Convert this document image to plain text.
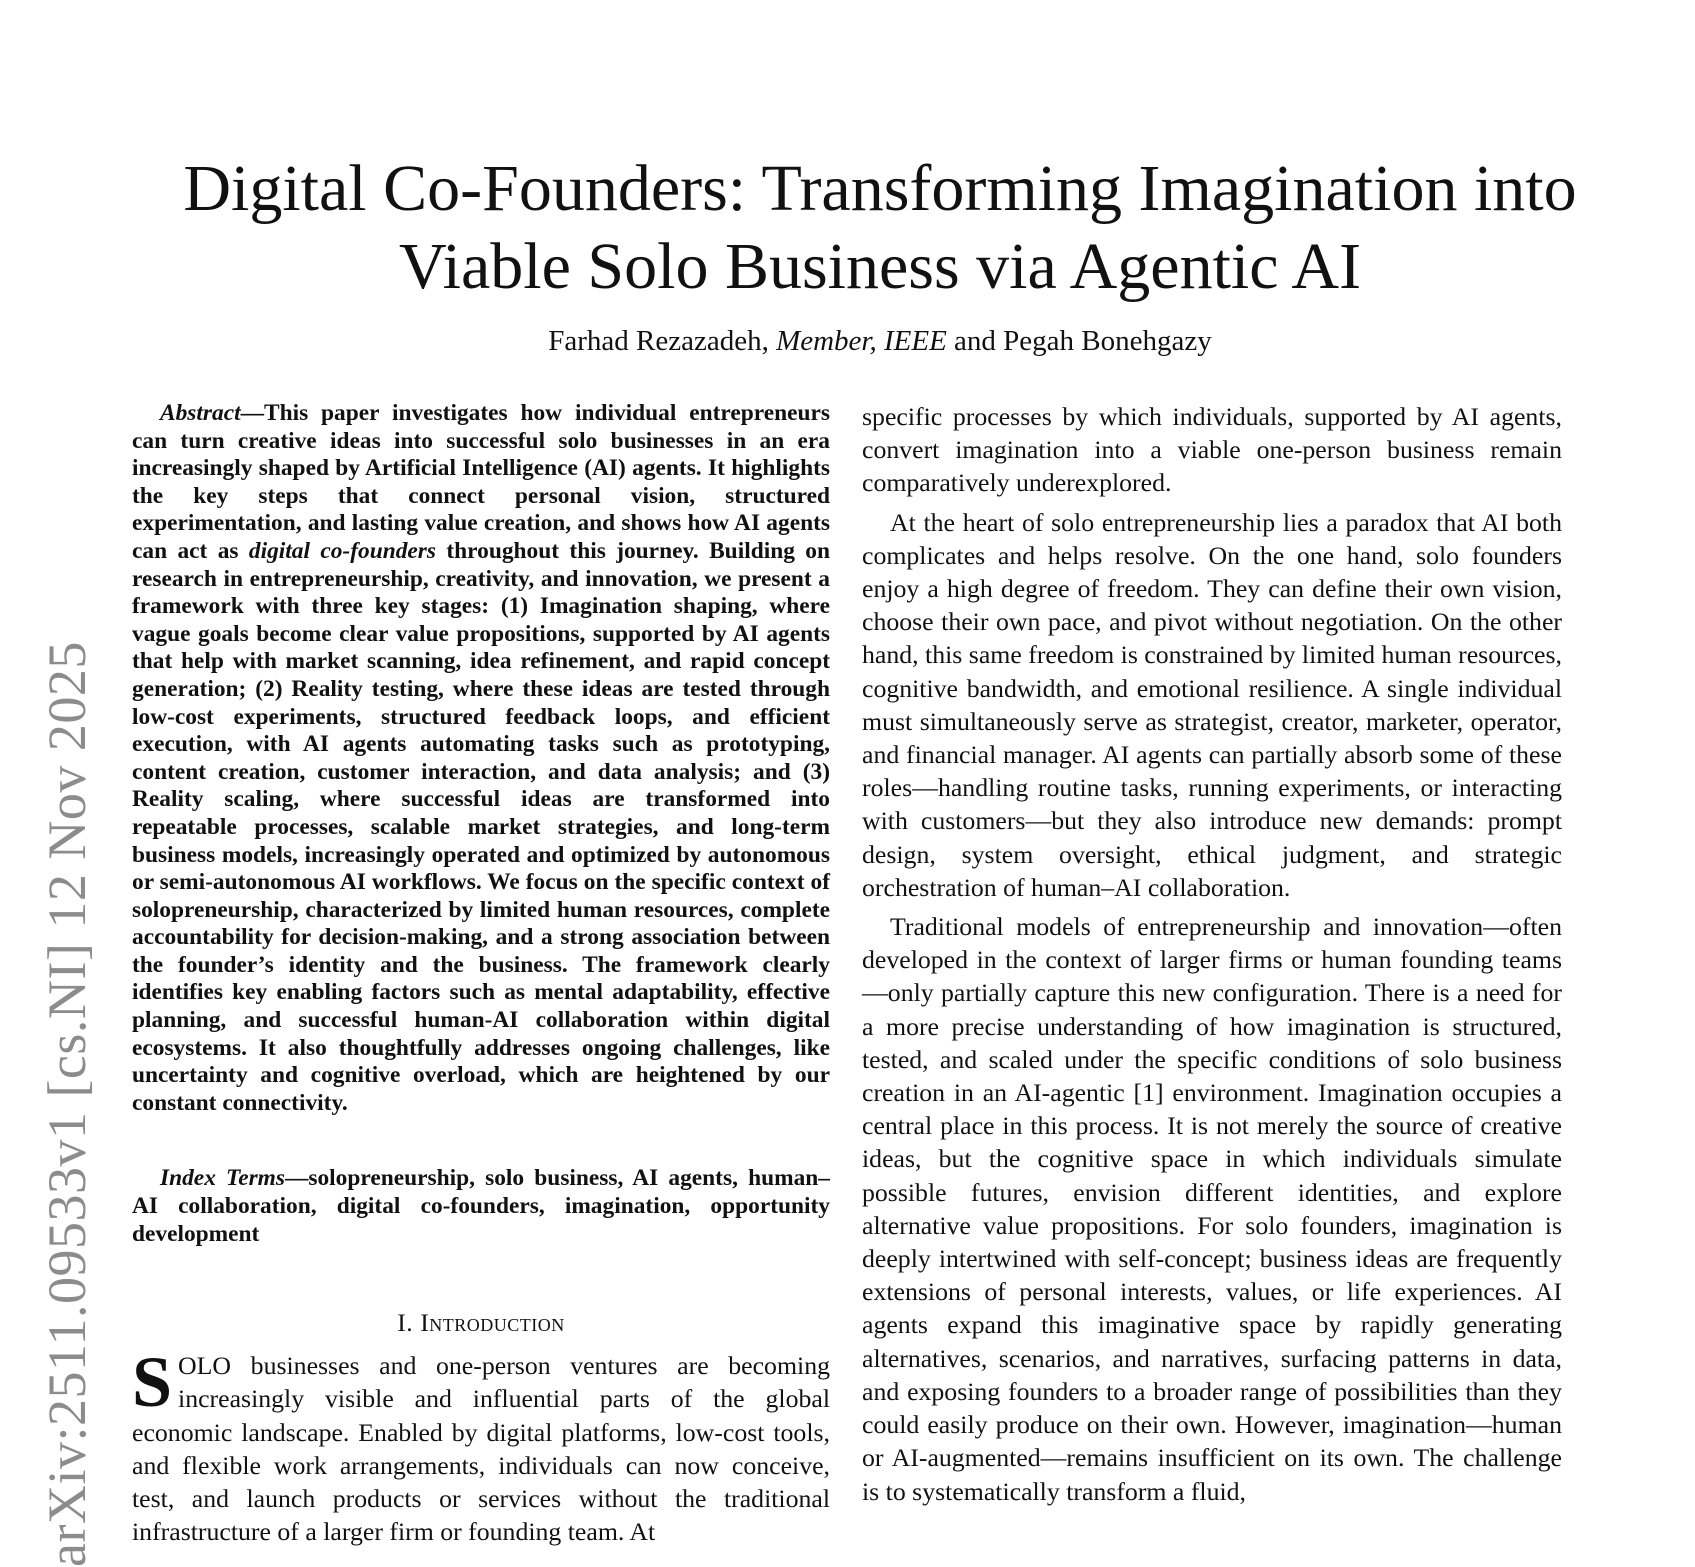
arXiv:2511.09533v1 [cs.NI] 12 Nov 2025
Digital Co-Founders: Transforming Imagination into
Viable Solo Business via Agentic AI
Farhad Rezazadeh, Member, IEEE and Pegah Bonehgazy

Abstract—This paper investigates how individual entrepreneurs can turn creative ideas into successful solo businesses in an era increasingly shaped by Artificial Intelligence (AI) agents. It highlights the key steps that connect personal vision, structured experimentation, and lasting value creation, and shows how AI agents can act as digital co-founders throughout this journey. Building on research in entrepreneurship, creativity, and innovation, we present a framework with three key stages: (1) Imagination shaping, where vague goals become clear value propositions, supported by AI agents that help with market scanning, idea refinement, and rapid concept generation; (2) Reality testing, where these ideas are tested through low-cost experiments, structured feedback loops, and efficient execution, with AI agents automating tasks such as prototyping, content creation, customer interaction, and data analysis; and (3) Reality scaling, where successful ideas are transformed into repeatable processes, scalable market strategies, and long-term business models, increasingly operated and optimized by autonomous or semi-autonomous AI workflows. We focus on the specific context of solopreneurship, characterized by limited human resources, complete accountability for decision-making, and a strong association between the founder’s identity and the business. The framework clearly identifies key enabling factors such as mental adaptability, effective planning, and successful human-AI collaboration within digital ecosystems. It also thoughtfully addresses ongoing challenges, like uncertainty and cognitive overload, which are heightened by our constant connectivity.

Index Terms—solopreneurship, solo business, AI agents, human–AI collaboration, digital co-founders, imagination, opportunity development

I. Introduction

SOLO businesses and one-person ventures are becoming increasingly visible and influential parts of the global economic landscape. Enabled by digital platforms, low-cost tools, and flexible work arrangements, individuals can now conceive, test, and launch products or services without the traditional infrastructure of a larger firm or founding team. At

specific processes by which individuals, supported by AI agents, convert imagination into a viable one-person business remain comparatively underexplored.

At the heart of solo entrepreneurship lies a paradox that AI both complicates and helps resolve. On the one hand, solo founders enjoy a high degree of freedom. They can define their own vision, choose their own pace, and pivot without negotiation. On the other hand, this same freedom is constrained by limited human resources, cognitive bandwidth, and emotional resilience. A single individual must simultaneously serve as strategist, creator, marketer, operator, and financial manager. AI agents can partially absorb some of these roles—handling routine tasks, running experiments, or interacting with customers—but they also introduce new demands: prompt design, system oversight, ethical judgment, and strategic orchestration of human–AI collaboration.

Traditional models of entrepreneurship and innovation—often developed in the context of larger firms or human founding teams—only partially capture this new configuration. There is a need for a more precise understanding of how imagination is structured, tested, and scaled under the specific conditions of solo business creation in an AI-agentic [1] environment. Imagination occupies a central place in this process. It is not merely the source of creative ideas, but the cognitive space in which individuals simulate possible futures, envision different identities, and explore alternative value propositions. For solo founders, imagination is deeply intertwined with self-concept; business ideas are frequently extensions of personal interests, values, or life experiences. AI agents expand this imaginative space by rapidly generating alternatives, scenarios, and narratives, surfacing patterns in data, and exposing founders to a broader range of possibilities than they could easily produce on their own. However, imagination—human or AI-augmented—remains insufficient on its own. The challenge is to systematically transform a fluid,
